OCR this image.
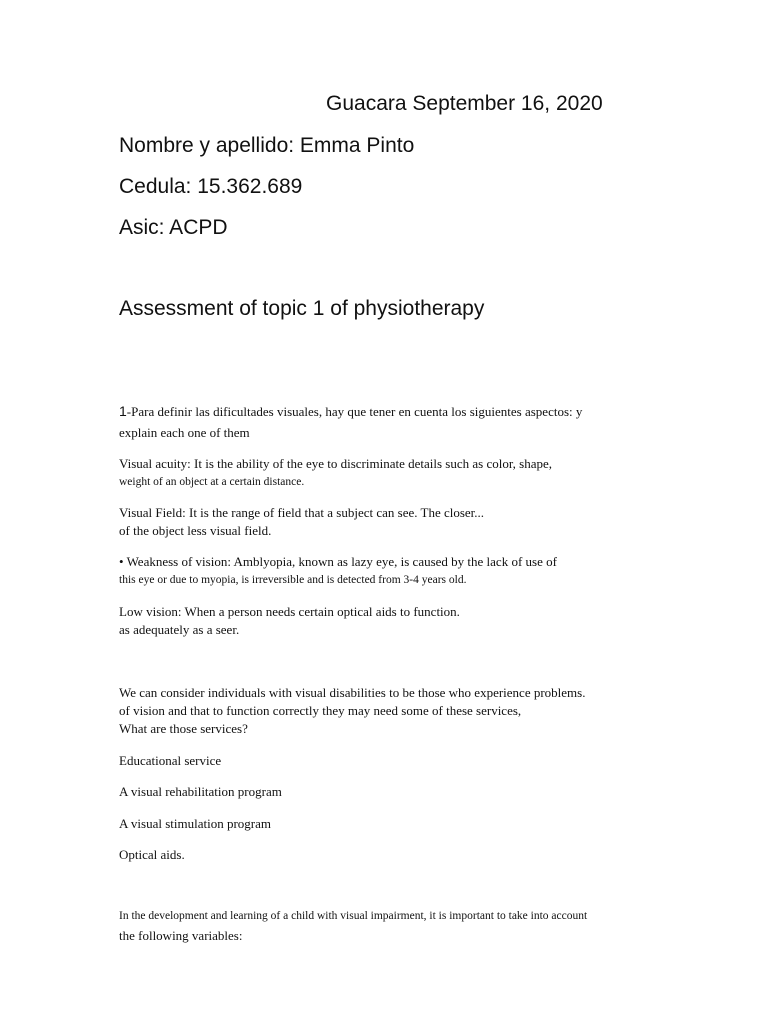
Guacara September 16, 2020
Nombre y apellido: Emma Pinto
Cedula: 15.362.689
Asic: ACPD
Assessment of topic 1 of physiotherapy
1-Para definir las dificultades visuales, hay que tener en cuenta los siguientes aspectos: y
explain each one of them
Visual acuity: It is the ability of the eye to discriminate details such as color, shape,
weight of an object at a certain distance.
Visual Field: It is the range of field that a subject can see. The closer...
of the object less visual field.
• Weakness of vision: Amblyopia, known as lazy eye, is caused by the lack of use of
this eye or due to myopia, is irreversible and is detected from 3-4 years old.
Low vision: When a person needs certain optical aids to function.
as adequately as a seer.
We can consider individuals with visual disabilities to be those who experience problems.
of vision and that to function correctly they may need some of these services,
What are those services?
Educational service
A visual rehabilitation program
A visual stimulation program
Optical aids.
In the development and learning of a child with visual impairment, it is important to take into account
the following variables:
